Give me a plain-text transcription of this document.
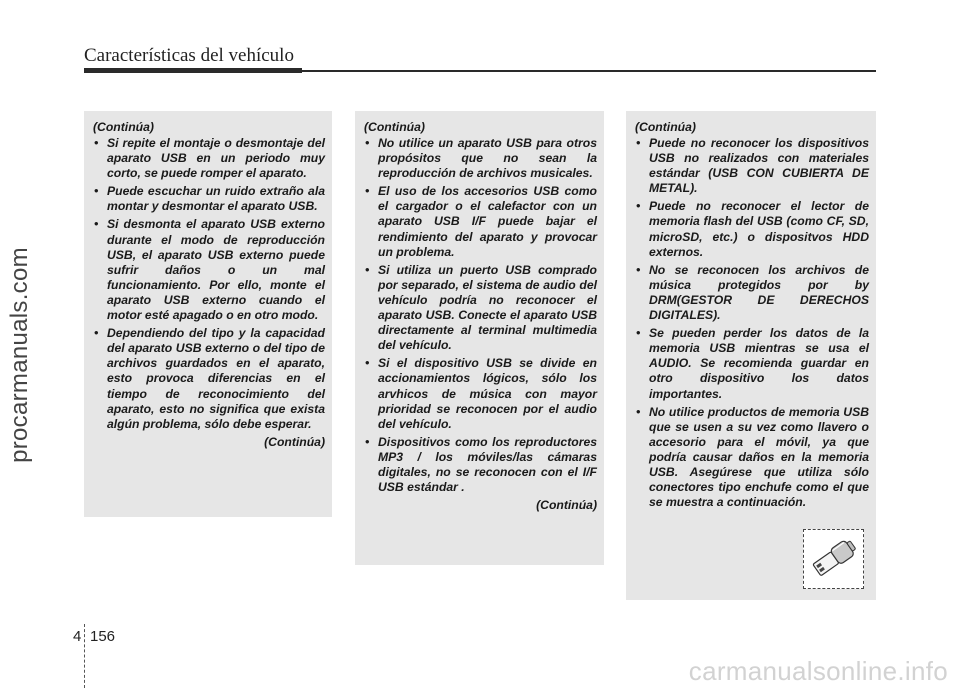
Características del vehículo
procarmanuals.com
(Continúa)
• Si repite el montaje o desmontaje del aparato USB en un periodo muy corto, se puede romper el aparato.
• Puede escuchar un ruido extraño ala montar y desmontar el aparato USB.
• Si desmonta el aparato USB externo durante el modo de reproducción USB, el aparato USB externo puede sufrir daños o un mal funcionamiento. Por ello, monte el aparato USB externo cuando el motor esté apagado o en otro modo.
• Dependiendo del tipo y la capacidad del aparato USB externo o del tipo de archivos guardados en el aparato, esto provoca diferencias en el tiempo de reconocimiento del aparato, esto no significa que exista algún problema, sólo debe esperar.
(Continúa)
(Continúa)
• No utilice un aparato USB para otros propósitos que no sean la reproducción de archivos musicales.
• El uso de los accesorios USB como el cargador o el calefactor con un aparato USB I/F puede bajar el rendimiento del aparato y provocar un problema.
• Si utiliza un puerto USB comprado por separado, el sistema de audio del vehículo podría no reconocer el aparato USB. Conecte el aparato USB directamente al terminal multimedia del vehículo.
• Si el dispositivo USB se divide en accionamientos lógicos, sólo los arvhicos de música con mayor prioridad se reconocen por el audio del vehículo.
• Dispositivos como los reproductores MP3 / los móviles/las cámaras digitales, no se reconocen con el I/F USB estándar .
(Continúa)
(Continúa)
• Puede no reconocer los dispositivos USB no realizados con materiales estándar (USB CON CUBIERTA DE METAL).
• Puede no reconocer el lector de memoria flash del USB (como CF, SD, microSD, etc.) o dispositvos HDD externos.
• No se reconocen los archivos de música protegidos por by DRM(GESTOR DE DERECHOS DIGITALES).
• Se pueden perder los datos de la memoria USB mientras se usa el AUDIO. Se recomienda guardar en otro dispositivo los datos importantes.
• No utilice productos de memoria USB que se usen a su vez como llavero o accesorio para el móvil, ya que podría causar daños en la memoria USB. Asegúrese que utiliza sólo conectores tipo enchufe como el que se muestra a continuación.
4 156
carmanualsonline.info
